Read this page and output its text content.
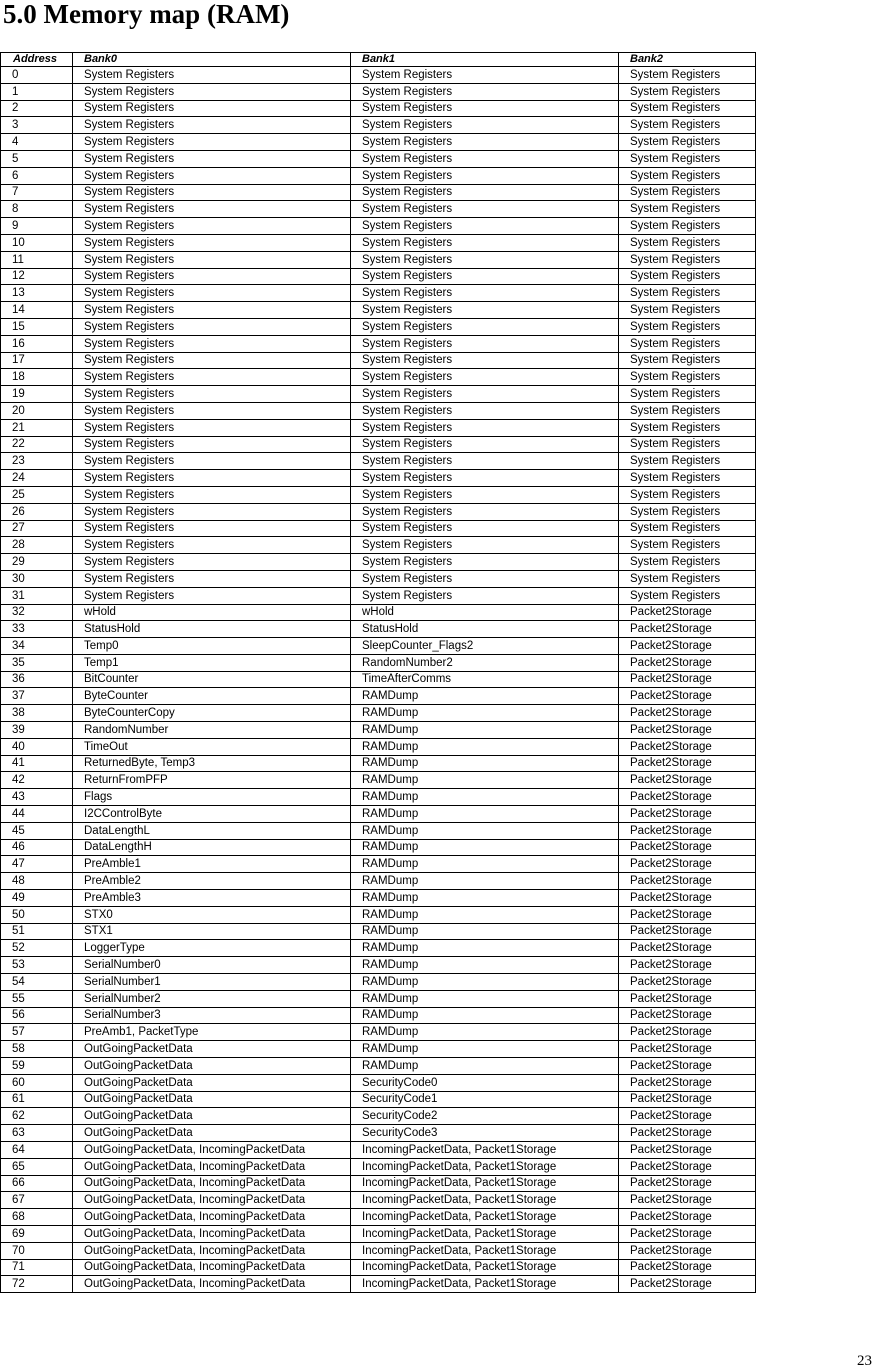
5.0 Memory map (RAM)
Address	Bank0	Bank1	Bank2
0	System Registers	System Registers	System Registers
1	System Registers	System Registers	System Registers
2	System Registers	System Registers	System Registers
3	System Registers	System Registers	System Registers
4	System Registers	System Registers	System Registers
5	System Registers	System Registers	System Registers
6	System Registers	System Registers	System Registers
7	System Registers	System Registers	System Registers
8	System Registers	System Registers	System Registers
9	System Registers	System Registers	System Registers
10	System Registers	System Registers	System Registers
11	System Registers	System Registers	System Registers
12	System Registers	System Registers	System Registers
13	System Registers	System Registers	System Registers
14	System Registers	System Registers	System Registers
15	System Registers	System Registers	System Registers
16	System Registers	System Registers	System Registers
17	System Registers	System Registers	System Registers
18	System Registers	System Registers	System Registers
19	System Registers	System Registers	System Registers
20	System Registers	System Registers	System Registers
21	System Registers	System Registers	System Registers
22	System Registers	System Registers	System Registers
23	System Registers	System Registers	System Registers
24	System Registers	System Registers	System Registers
25	System Registers	System Registers	System Registers
26	System Registers	System Registers	System Registers
27	System Registers	System Registers	System Registers
28	System Registers	System Registers	System Registers
29	System Registers	System Registers	System Registers
30	System Registers	System Registers	System Registers
31	System Registers	System Registers	System Registers
32	wHold	wHold	Packet2Storage
33	StatusHold	StatusHold	Packet2Storage
34	Temp0	SleepCounter_Flags2	Packet2Storage
35	Temp1	RandomNumber2	Packet2Storage
36	BitCounter	TimeAfterComms	Packet2Storage
37	ByteCounter	RAMDump	Packet2Storage
38	ByteCounterCopy	RAMDump	Packet2Storage
39	RandomNumber	RAMDump	Packet2Storage
40	TimeOut	RAMDump	Packet2Storage
41	ReturnedByte, Temp3	RAMDump	Packet2Storage
42	ReturnFromPFP	RAMDump	Packet2Storage
43	Flags	RAMDump	Packet2Storage
44	I2CControlByte	RAMDump	Packet2Storage
45	DataLengthL	RAMDump	Packet2Storage
46	DataLengthH	RAMDump	Packet2Storage
47	PreAmble1	RAMDump	Packet2Storage
48	PreAmble2	RAMDump	Packet2Storage
49	PreAmble3	RAMDump	Packet2Storage
50	STX0	RAMDump	Packet2Storage
51	STX1	RAMDump	Packet2Storage
52	LoggerType	RAMDump	Packet2Storage
53	SerialNumber0	RAMDump	Packet2Storage
54	SerialNumber1	RAMDump	Packet2Storage
55	SerialNumber2	RAMDump	Packet2Storage
56	SerialNumber3	RAMDump	Packet2Storage
57	PreAmb1, PacketType	RAMDump	Packet2Storage
58	OutGoingPacketData	RAMDump	Packet2Storage
59	OutGoingPacketData	RAMDump	Packet2Storage
60	OutGoingPacketData	SecurityCode0	Packet2Storage
61	OutGoingPacketData	SecurityCode1	Packet2Storage
62	OutGoingPacketData	SecurityCode2	Packet2Storage
63	OutGoingPacketData	SecurityCode3	Packet2Storage
64	OutGoingPacketData, IncomingPacketData	IncomingPacketData, Packet1Storage	Packet2Storage
65	OutGoingPacketData, IncomingPacketData	IncomingPacketData, Packet1Storage	Packet2Storage
66	OutGoingPacketData, IncomingPacketData	IncomingPacketData, Packet1Storage	Packet2Storage
67	OutGoingPacketData, IncomingPacketData	IncomingPacketData, Packet1Storage	Packet2Storage
68	OutGoingPacketData, IncomingPacketData	IncomingPacketData, Packet1Storage	Packet2Storage
69	OutGoingPacketData, IncomingPacketData	IncomingPacketData, Packet1Storage	Packet2Storage
70	OutGoingPacketData, IncomingPacketData	IncomingPacketData, Packet1Storage	Packet2Storage
71	OutGoingPacketData, IncomingPacketData	IncomingPacketData, Packet1Storage	Packet2Storage
72	OutGoingPacketData, IncomingPacketData	IncomingPacketData, Packet1Storage	Packet2Storage
23
